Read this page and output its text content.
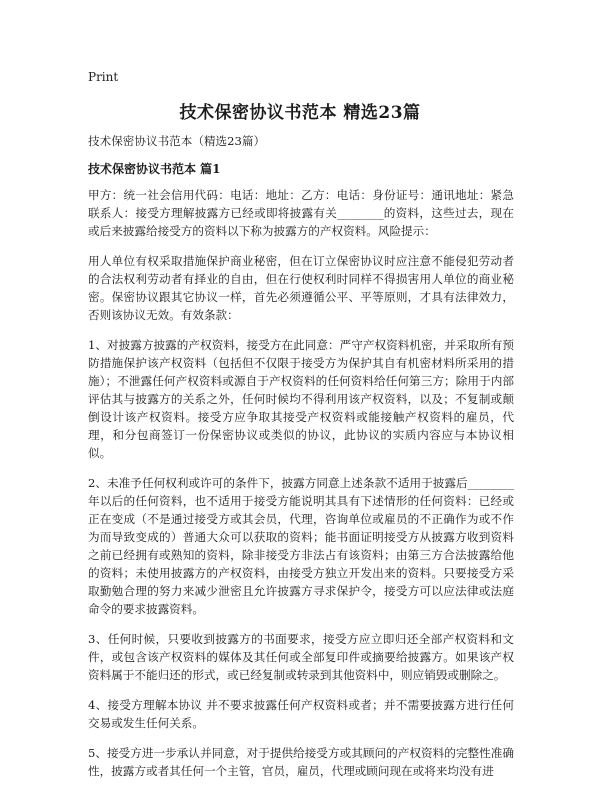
Print
技术保密协议书范本 精选23篇

技术保密协议书范本（精选23篇）

技术保密协议书范本 篇1

甲方：统一社会信用代码：电话：地址：乙方：电话：身份证号：通讯地址：紧急联系人：接受方理解披露方已经或即将披露有关________的资料，这些过去，现在或后来披露给接受方的资料以下称为披露方的产权资料。风险提示：

用人单位有权采取措施保护商业秘密，但在订立保密协议时应注意不能侵犯劳动者的合法权利劳动者有择业的自由，但在行使权利时同样不得损害用人单位的商业秘密。保密协议跟其它协议一样，首先必须遵循公平、平等原则，才具有法律效力，否则该协议无效。有效条款：

1、对披露方披露的产权资料，接受方在此同意：严守产权资料机密，并采取所有预防措施保护该产权资料（包括但不仅限于接受方为保护其自有机密材料所采用的措施）；不泄露任何产权资料或源自于产权资料的任何资料给任何第三方；除用于内部评估其与披露方的关系之外，任何时候均不得利用该产权资料，以及；不复制或颠倒设计该产权资料。接受方应争取其接受产权资料或能接触产权资料的雇员，代理，和分包商签订一份保密协议或类似的协议，此协议的实质内容应与本协议相似。

2、未准予任何权利或许可的条件下，披露方同意上述条款不适用于披露后________年以后的任何资料，也不适用于接受方能说明其具有下述情形的任何资料：已经或正在变成（不是通过接受方或其会员，代理，咨询单位或雇员的不正确作为或不作为而导致变成的）普通大众可以获取的资料；能书面证明接受方从披露方收到资料之前已经拥有或熟知的资料，除非接受方非法占有该资料；由第三方合法披露给他的资料；未使用披露方的产权资料，由接受方独立开发出来的资料。只要接受方采取勤勉合理的努力来减少泄密且允许披露方寻求保护令，接受方可以应法律或法庭命令的要求披露资料。

3、任何时候，只要收到披露方的书面要求，接受方应立即归还全部产权资料和文件，或包含该产权资料的媒体及其任何或全部复印件或摘要给披露方。如果该产权资料属于不能归还的形式，或已经复制或转录到其他资料中，则应销毁或删除之。

4、接受方理解本协议 并不要求披露任何产权资料或者；并不需要披露方进行任何交易或发生任何关系。

5、接受方进一步承认并同意，对于提供给接受方或其顾问的产权资料的完整性准确性，披露方或者其任何一个主管，官员，雇员，代理或顾问现在或将来均没有进
